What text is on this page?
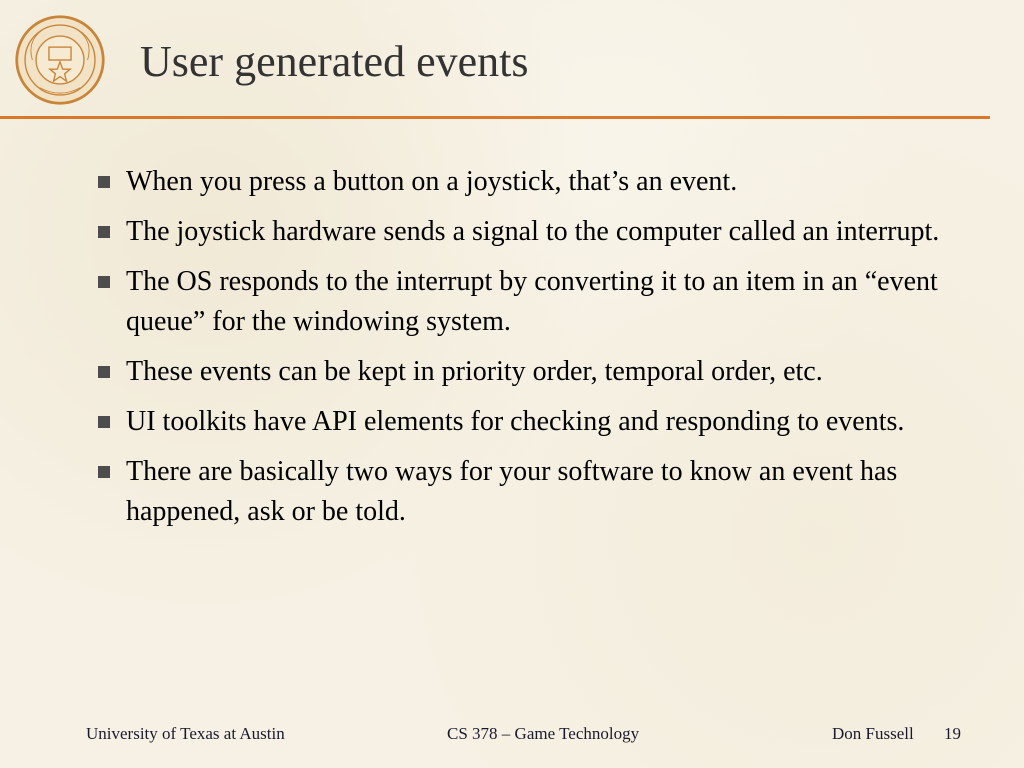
User generated events
When you press a button on a joystick, that’s an event.
The joystick hardware sends a signal to the computer called an interrupt.
The OS responds to the interrupt by converting it to an item in an “event queue” for the windowing system.
These events can be kept in priority order, temporal order, etc.
UI toolkits have API elements for checking and responding to events.
There are basically two ways for your software to know an event has happened, ask or be told.
University of Texas at Austin	CS 378 – Game Technology	Don Fussell 19
